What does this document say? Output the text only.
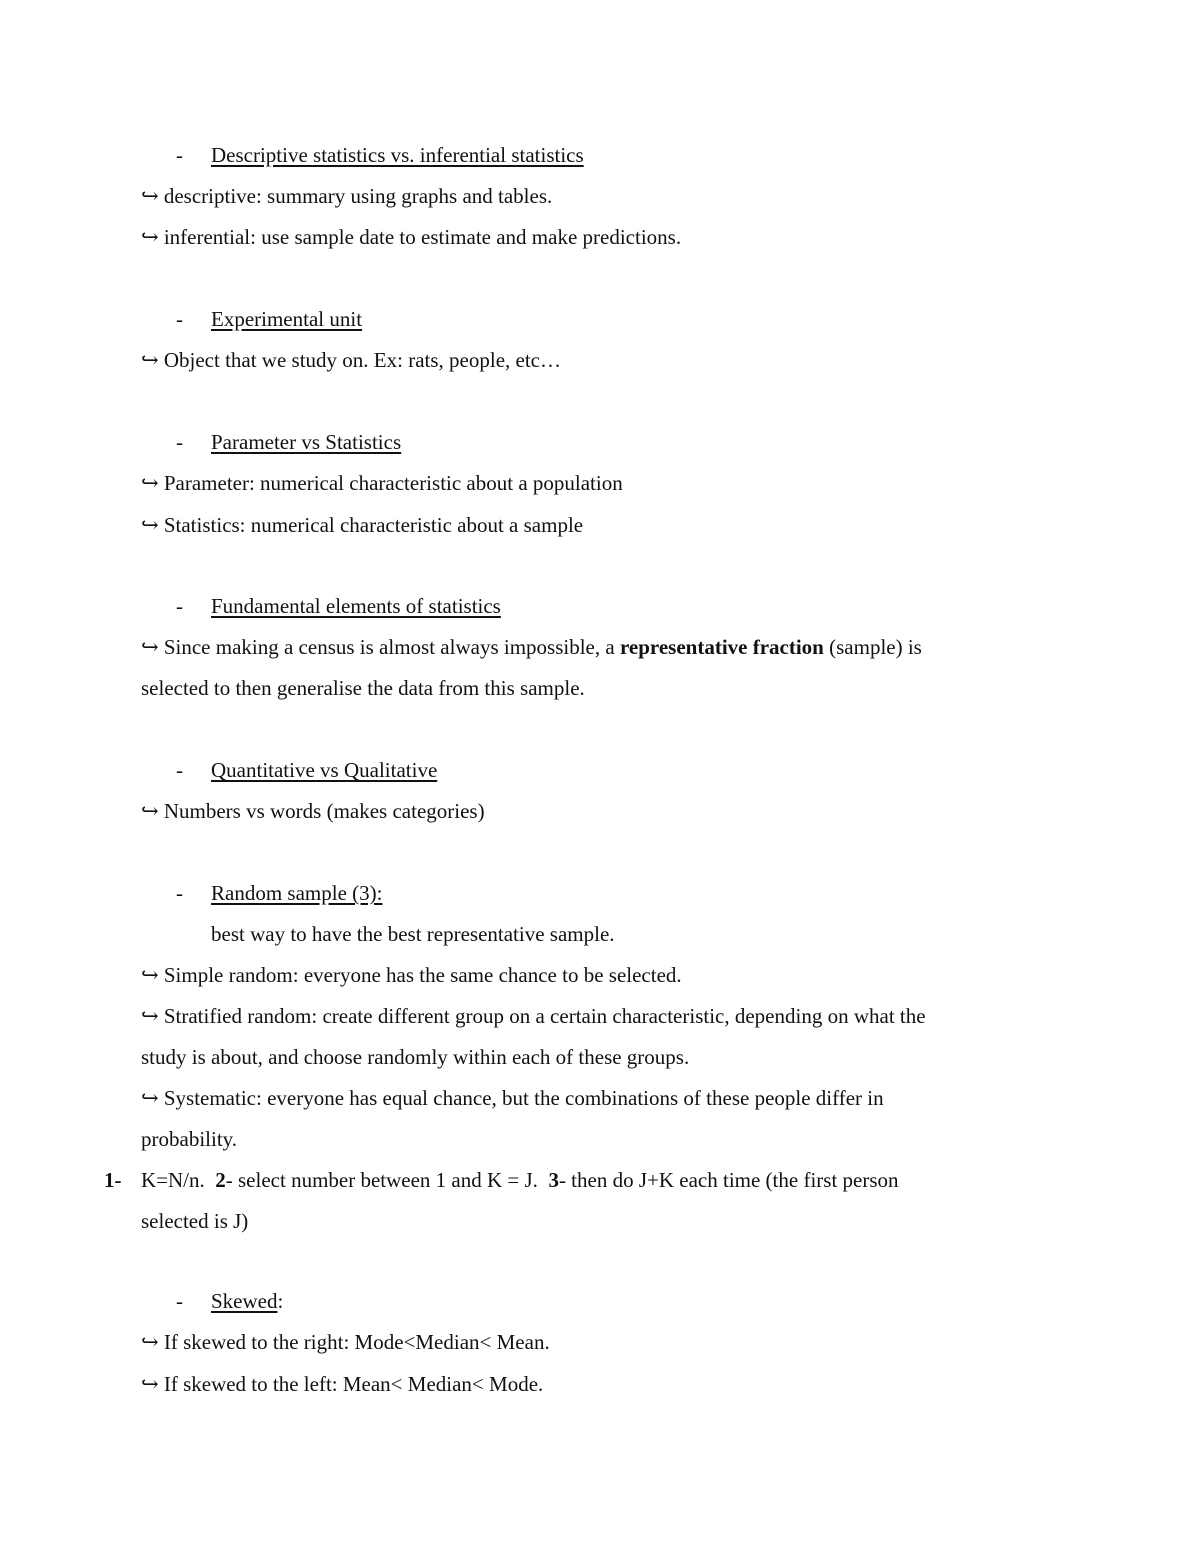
- Descriptive statistics vs. inferential statistics
↪ descriptive: summary using graphs and tables.
↪ inferential: use sample date to estimate and make predictions.
- Experimental unit
↪ Object that we study on. Ex: rats, people, etc…
- Parameter vs Statistics
↪ Parameter: numerical characteristic about a population
↪ Statistics: numerical characteristic about a sample
- Fundamental elements of statistics
↪ Since making a census is almost always impossible, a representative fraction (sample) is
selected to then generalise the data from this sample.
- Quantitative vs Qualitative
↪ Numbers vs words (makes categories)
- Random sample (3):
best way to have the best representative sample.
↪ Simple random: everyone has the same chance to be selected.
↪ Stratified random: create different group on a certain characteristic, depending on what the
study is about, and choose randomly within each of these groups.
↪ Systematic: everyone has equal chance, but the combinations of these people differ in
probability.
1- K=N/n. 2- select number between 1 and K = J. 3- then do J+K each time (the first person
selected is J)
- Skewed:
↪ If skewed to the right: Mode<Median< Mean.
↪ If skewed to the left: Mean< Median< Mode.
